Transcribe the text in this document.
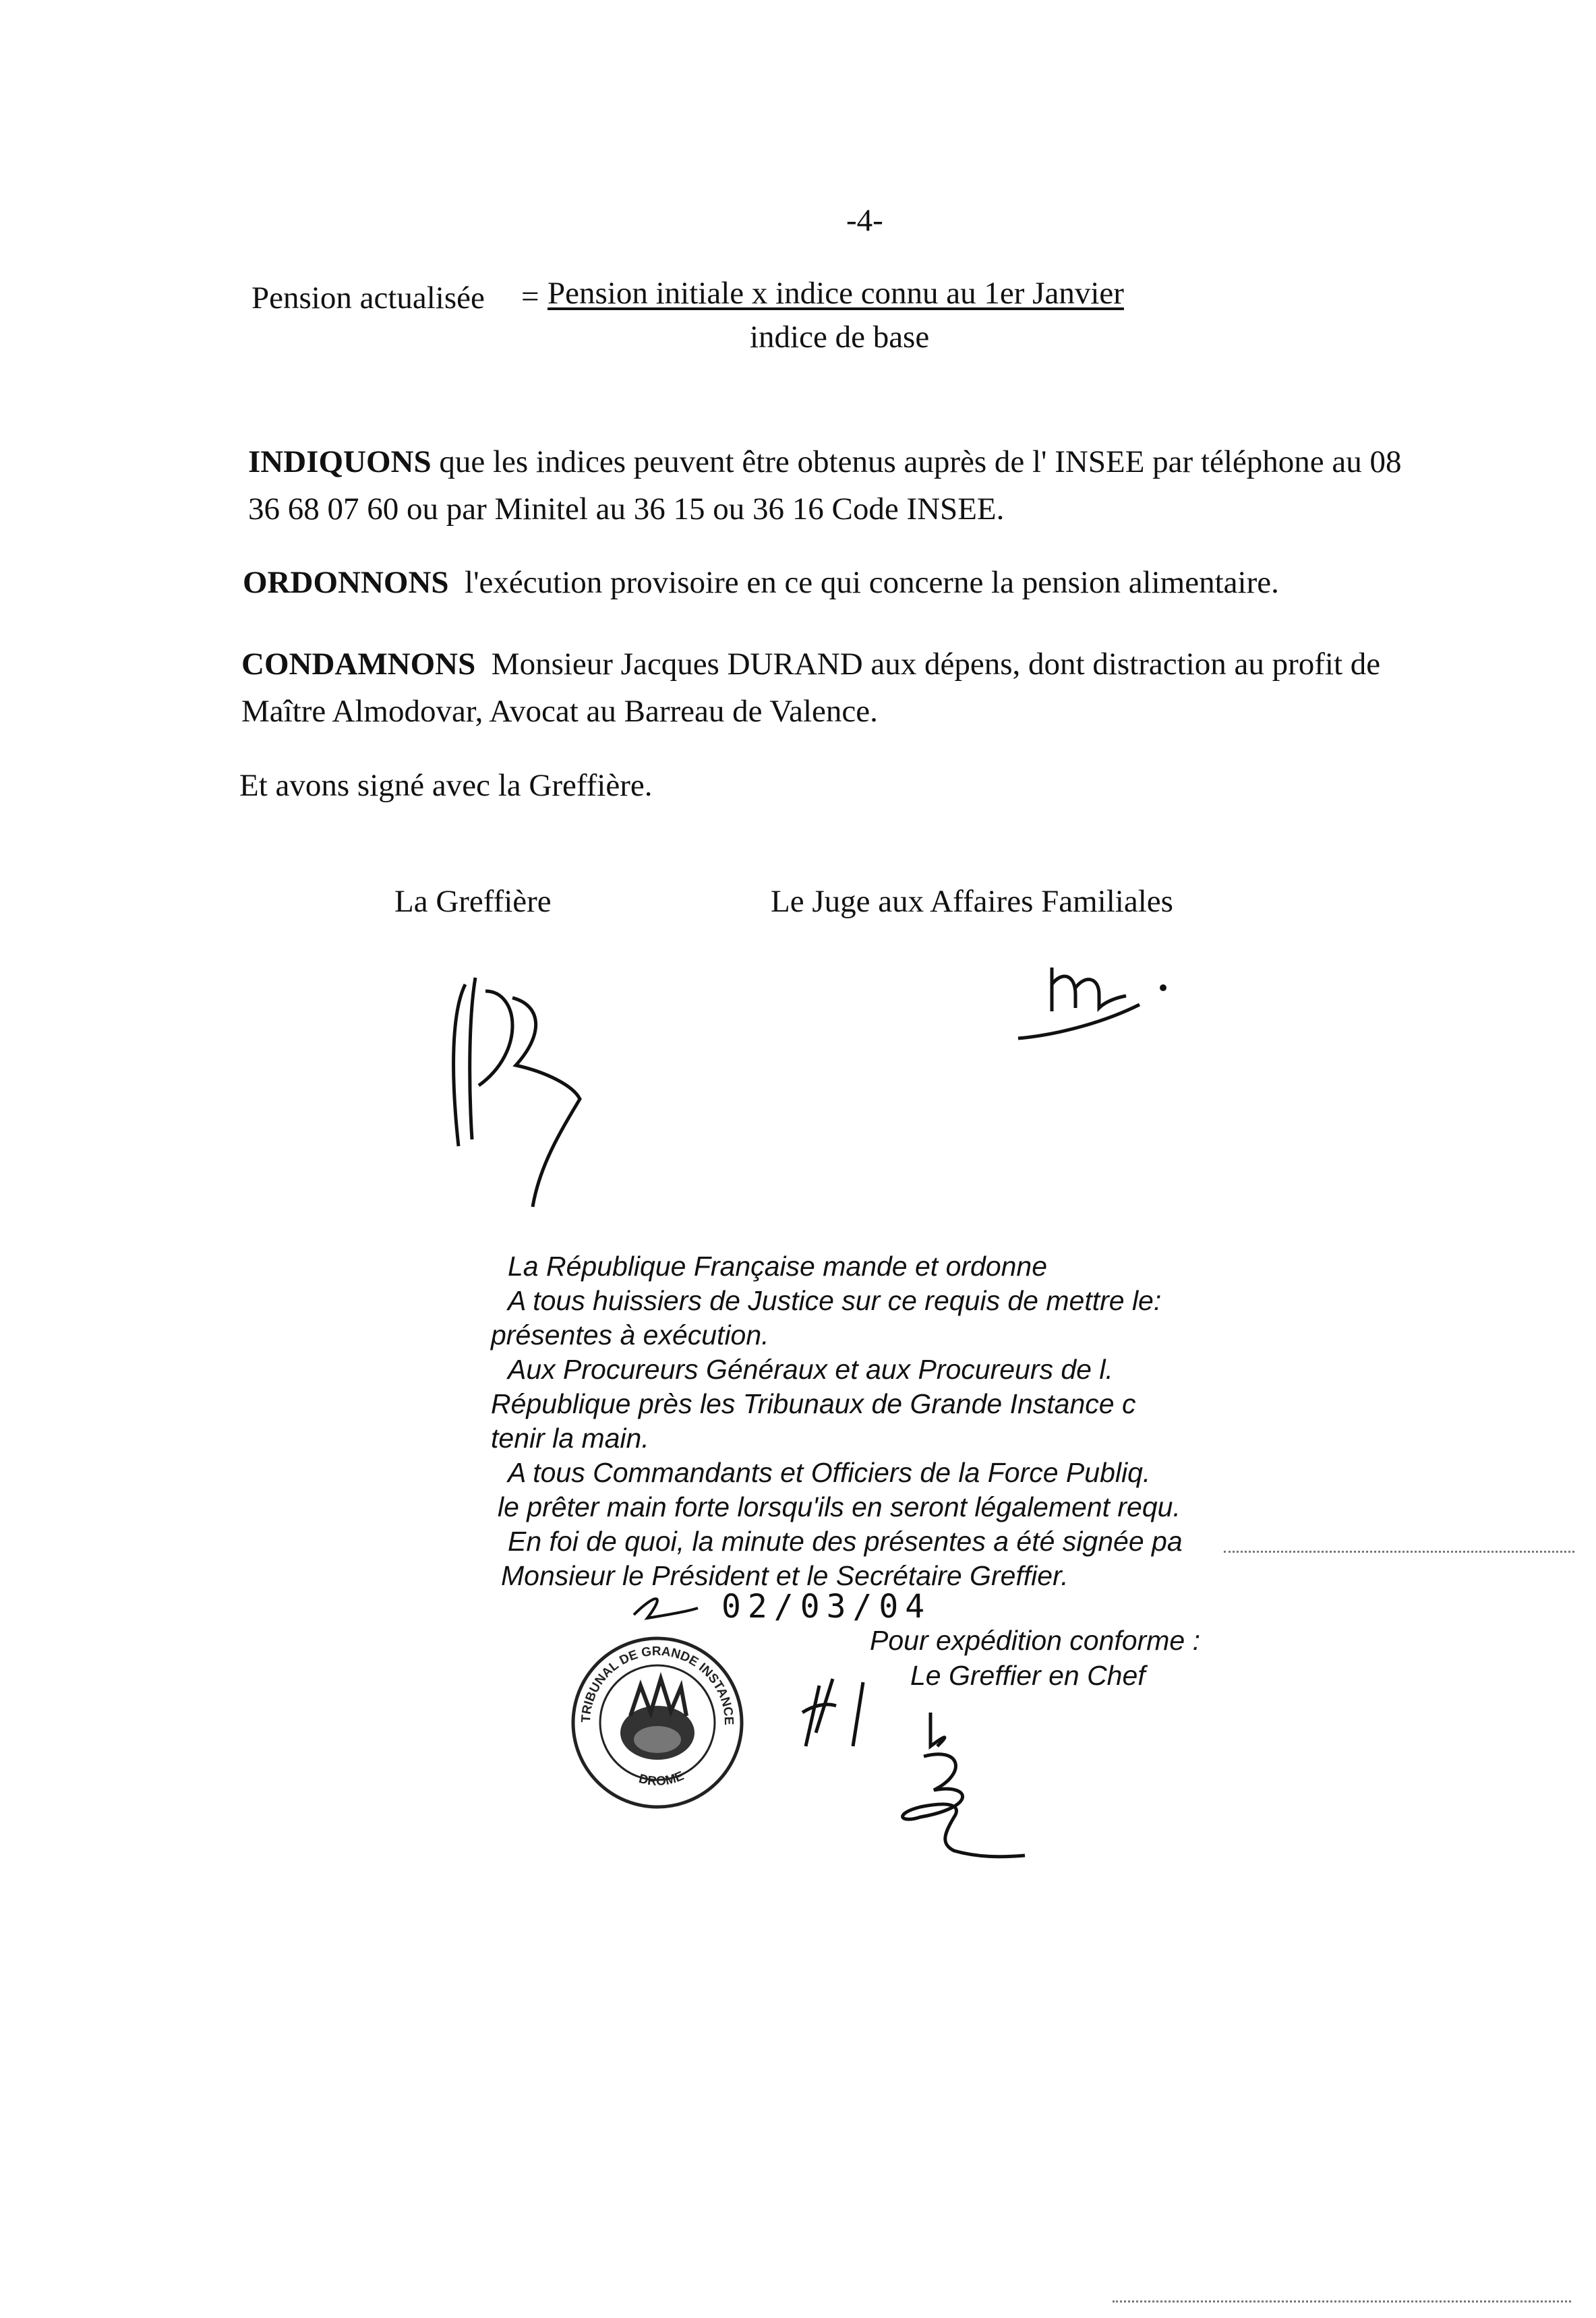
-4-
Pension actualisée = Pension initiale x indice connu au 1er Janvier
indice de base
INDIQUONS que les indices peuvent être obtenus auprès de l' INSEE par téléphone au 08
36 68 07 60 ou par Minitel au 36 15 ou 36 16 Code INSEE.
ORDONNONS l'exécution provisoire en ce qui concerne la pension alimentaire.
CONDAMNONS Monsieur Jacques DURAND aux dépens, dont distraction au profit de
Maître Almodovar, Avocat au Barreau de Valence.
Et avons signé avec la Greffière.
La Greffière	Le Juge aux Affaires Familiales
La République Française mande et ordonne
A tous huissiers de Justice sur ce requis de mettre le:
présentes à exécution.
Aux Procureurs Généraux et aux Procureurs de l.
République près les Tribunaux de Grande Instance c
tenir la main.
A tous Commandants et Officiers de la Force Publiq.
le prêter main forte lorsqu'ils en seront légalement requ.
En foi de quoi, la minute des présentes a été signée pa
Monsieur le Président et le Secrétaire Greffier.
02/03/04
Pour expédition conforme :
Le Greffier en Chef
TRIBUNAL DE GRANDE INSTANCE DE VALENCE
DROME
